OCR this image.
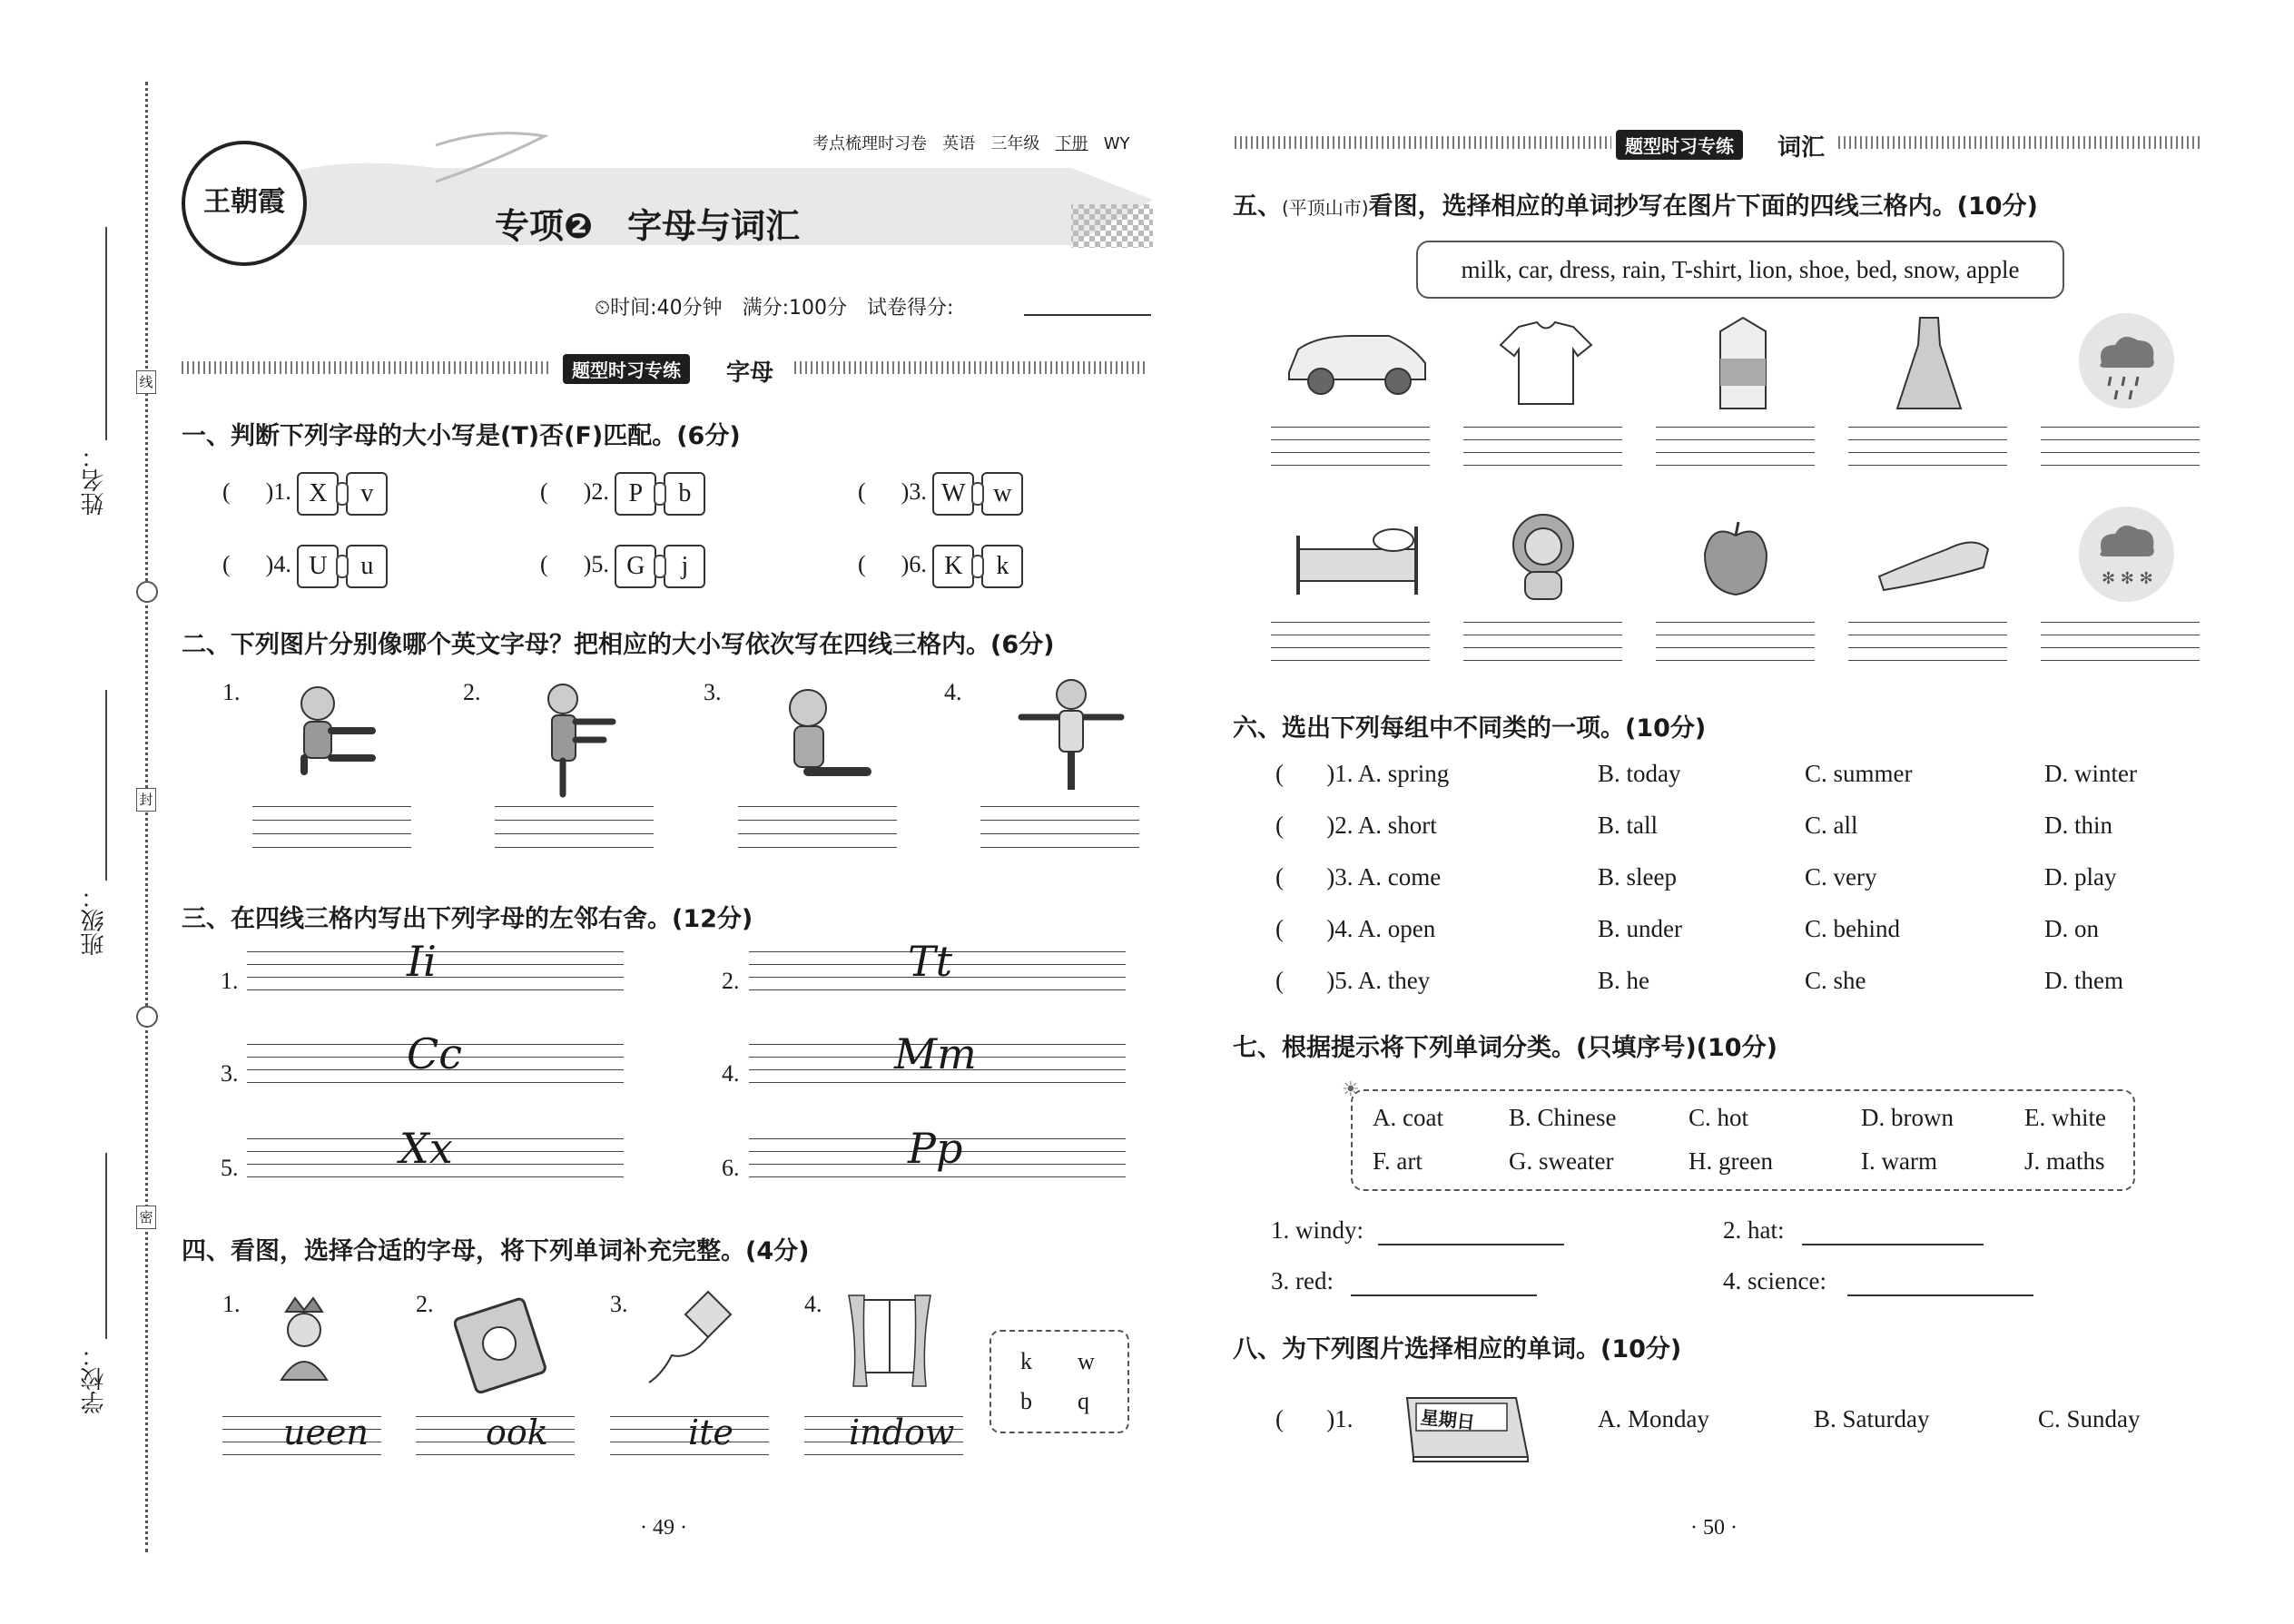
姓名：
班级：
学校：
线
封
密
考点梳理时习卷 英语 三年级 下册 WY
王朝霞
专项❷　字母与词汇
⏲时间:40分钟　满分:100分　试卷得分:
题型时习专练	字母
一、判断下列字母的大小写是(T)否(F)匹配。(6分)
(      )1. X v	(      )2. P b	(      )3. W w
(      )4. U u	(      )5. G j	(      )6. K k
二、下列图片分别像哪个英文字母？把相应的大小写依次写在四线三格内。(6分)
1.	2.	3.	4.
三、在四线三格内写出下列字母的左邻右舍。(12分)
1.	Ii	2.	Tt
3.	Cc	4.	Mm
5.	Xx	6.	Pp
四、看图，选择合适的字母，将下列单词补充完整。(4分)
1.	2.	3.	4.
ueen	ook	ite	indow
k w
b q
· 49 ·
题型时习专练	词汇
五、(平顶山市)看图，选择相应的单词抄写在图片下面的四线三格内。(10分)
milk, car, dress, rain, T-shirt, lion, shoe, bed, snow, apple
✻ ✻ ✻
六、选出下列每组中不同类的一项。(10分)
(       )1. A. spring	B. today	C. summer	D. winter
(       )2. A. short	B. tall	C. all	D. thin
(       )3. A. come	B. sleep	C. very	D. play
(       )4. A. open	B. under	C. behind	D. on
(       )5. A. they	B. he	C. she	D. them
七、根据提示将下列单词分类。(只填序号)(10分)
☀
A. coat	B. Chinese	C. hot	D. brown	E. white
F. art	G. sweater	H. green	I. warm	J. maths
1. windy:	2. hat:
3. red:	4. science:
八、为下列图片选择相应的单词。(10分)
(       )1.	星期日	A. Monday	B. Saturday	C. Sunday
· 50 ·
